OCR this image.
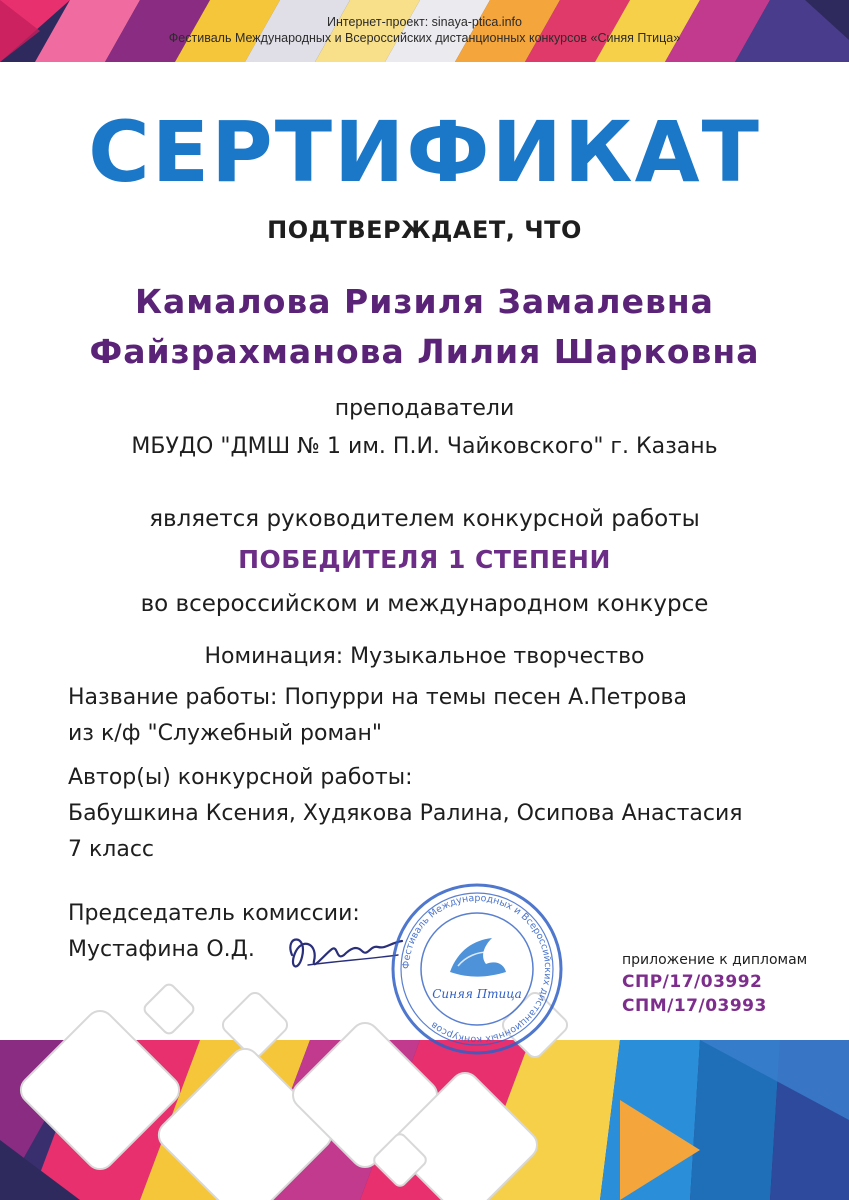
Интернет-проект: sinaya-ptica.info
Фестиваль Международных и Всероссийских дистанционных конкурсов «Синяя Птица»
СЕРТИФИКАТ
ПОДТВЕРЖДАЕТ, ЧТО
Камалова Ризиля Замалевна
Файзрахманова Лилия Шарковна
преподаватели
МБУДО "ДМШ № 1 им. П.И. Чайковского" г. Казань
является руководителем конкурсной работы
ПОБЕДИТЕЛЯ 1 СТЕПЕНИ
во всероссийском и международном конкурсе
Номинация: Музыкальное творчество
Название работы: Попурри на темы песен А.Петрова
из к/ф "Служебный роман"
Автор(ы) конкурсной работы:
Бабушкина Ксения, Худякова Ралина, Осипова Анастасия
7 класс
Председатель комиссии:
Мустафина О.Д.
Фестиваль Международных и Всероссийских дистанционных конкурсов
Синяя Птица
приложение к дипломам
СПР/17/03992
СПМ/17/03993
